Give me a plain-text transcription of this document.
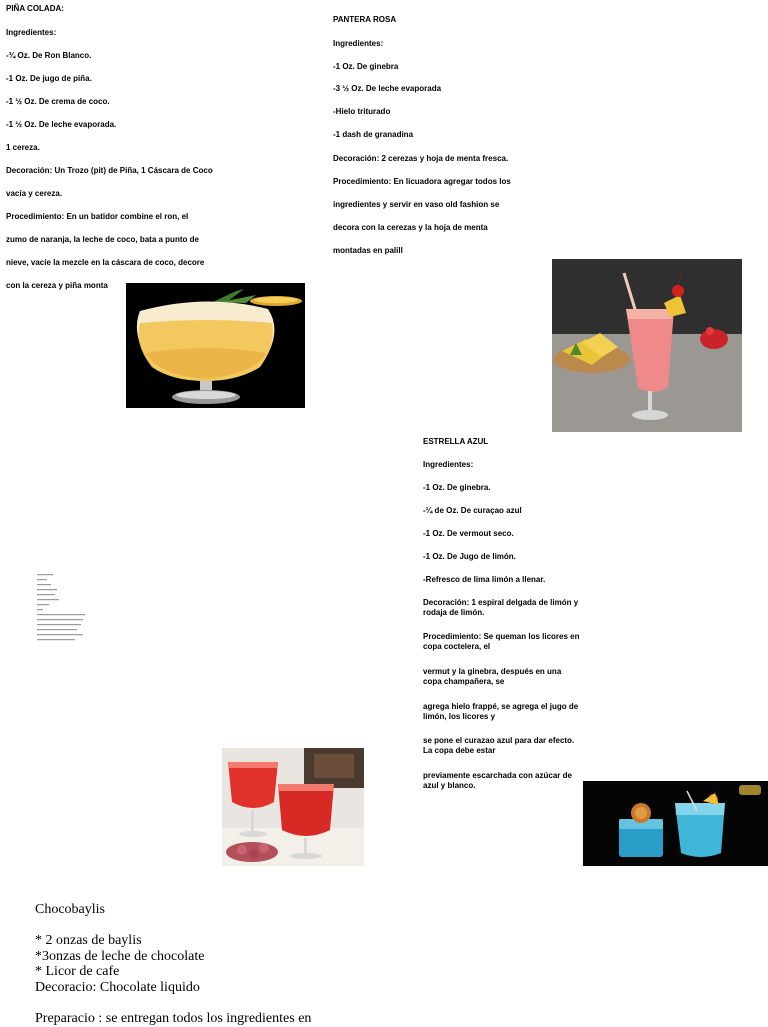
PIÑA COLADA:
Ingredientes:
-¾ Oz. De Ron Blanco.
-1 Oz. De jugo de piña.
-1 ½ Oz. De crema de coco.
-1 ½ Oz. De leche evaporada.
1 cereza.
Decoración: Un Trozo (pit) de Piña, 1 Cáscara de Coco
vacía y cereza.
Procedimiento: En un batidor combine el ron, el
zumo de naranja, la leche de coco, bata a punto de
nieve, vacíe la mezcle en la cáscara de coco, decore
con la cereza y piña monta
PANTERA ROSA
Ingredientes:
-1 Oz. De ginebra
-3 ½ Oz. De leche evaporada
-Hielo triturado
-1 dash de granadina
Decoración: 2 cerezas y hoja de menta fresca.
Procedimiento: En licuadora agregar todos los
ingredientes y servir en vaso old fashion se
decora con la cerezas y la hoja de menta
montadas en palill
ESTRELLA AZUL
Ingredientes:
-1 Oz. De ginebra.
-¼ de Oz. De curaçao azul
-1 Oz. De vermout seco.
-1 Oz. De Jugo de limón.
-Refresco de lima limón a llenar.
Decoración: 1 espiral delgada de limón y rodaja de limón.
Procedimiento: Se queman los licores en copa coctelera, el
vermut y la ginebra, después en una copa champañera, se
agrega hielo frappé, se agrega el jugo de limón, los licores y
se pone el curazao azul para dar efecto. La copa debe estar
previamente escarchada con azúcar de azul y blanco.
Chocobaylis
* 2 onzas de baylis
*3onzas de leche de chocolate
* Licor de cafe
Decoracio: Chocolate liquido
Preparacio : se entregan todos los ingredientes en
